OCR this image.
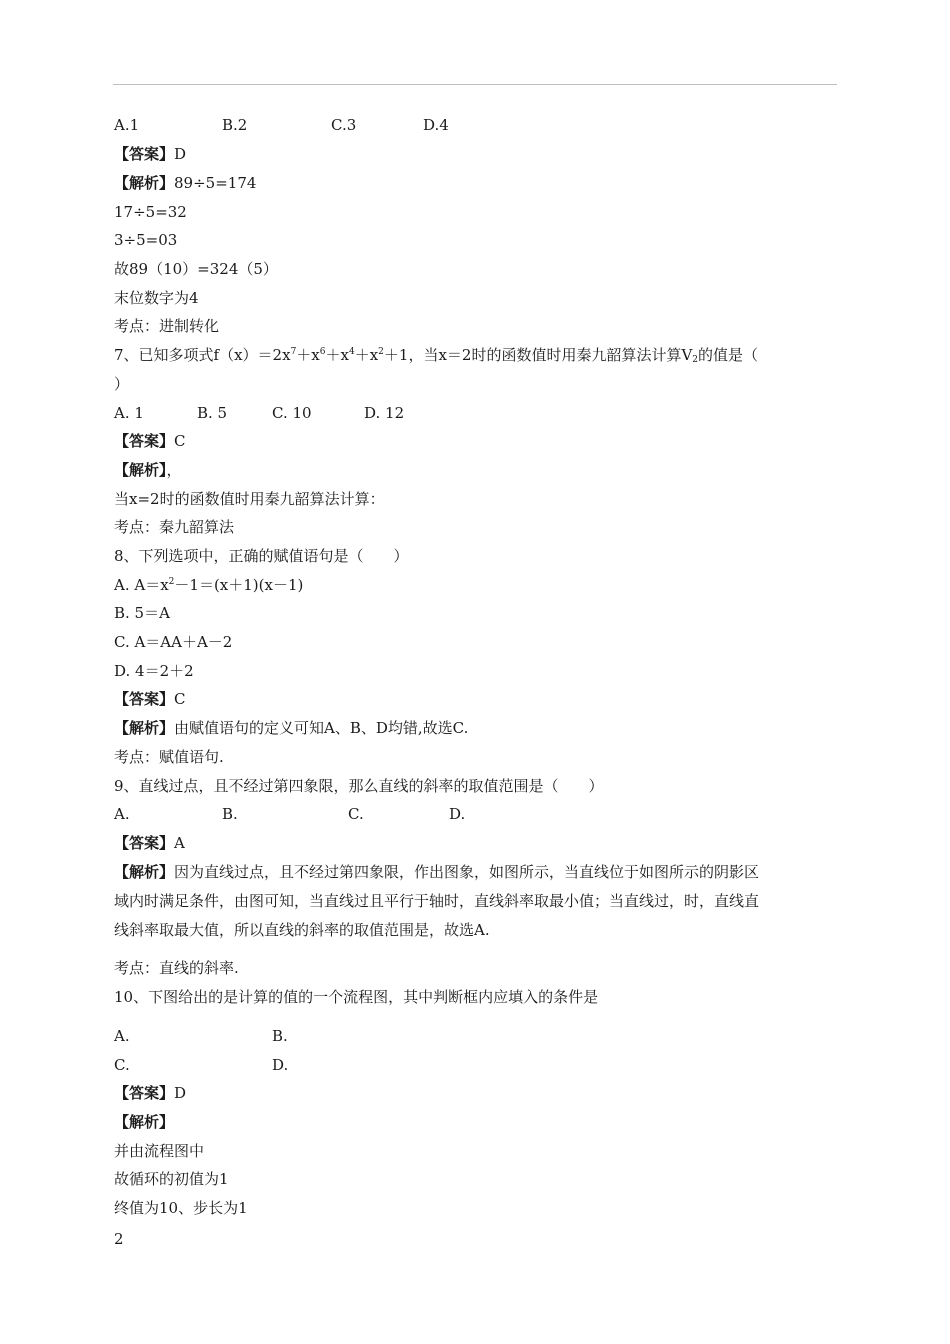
A.1	B.2	C.3	D.4
【答案】D
【解析】89÷5=174
17÷5=32
3÷5=03
故89（10）=324（5）
末位数字为4
考点：进制转化
7、已知多项式$f(x)=2x^7+x^6+x^4+x^2+1$，当x＝2时的函数值时用秦九韶算法计算$V_2$的值是（
）
A. 1	B. 5	C. 10	D. 12
【答案】C
【解析】，
当x=2时的函数值时用秦九韶算法计算：
考点：秦九韶算法
8、下列选项中，正确的赋值语句是（　　）
A. $A=x^2-1=(x+1)(x-1)$
B. 5＝A
C. A＝AA＋A－2
D. 4＝2＋2
【答案】C
【解析】由赋值语句的定义可知A、B、D均错,故选C.
考点：赋值语句.
9、直线过点，且不经过第四象限，那么直线的斜率的取值范围是（　　）
A.	B.	C.	D.
【答案】A
【解析】因为直线过点，且不经过第四象限，作出图象，如图所示，当直线位于如图所示的阴影区
域内时满足条件，由图可知，当直线过且平行于轴时，直线斜率取最小值；当直线过，时，直线直
线斜率取最大值，所以直线的斜率的取值范围是，故选A.
考点：直线的斜率.
10、下图给出的是计算的值的一个流程图，其中判断框内应填入的条件是
A.	B.
C.	D.
【答案】D
【解析】
并由流程图中
故循环的初值为1
终值为10、步长为1
2
